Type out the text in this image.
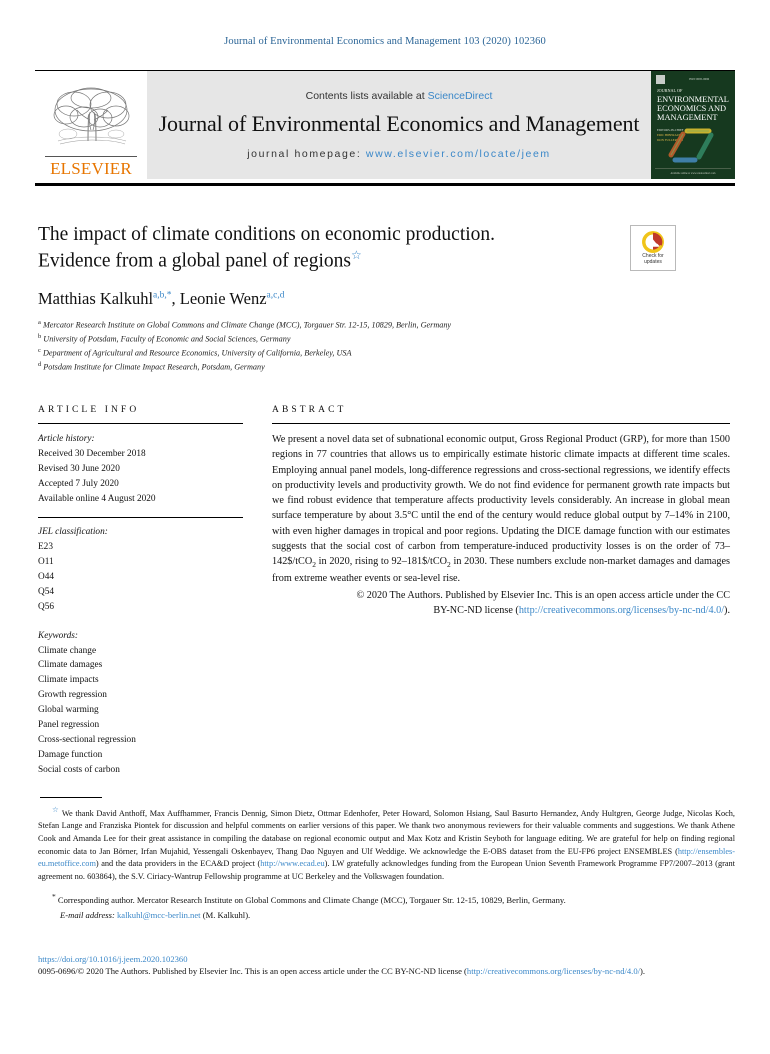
Journal of Environmental Economics and Management 103 (2020) 102360
ELSEVIER
Contents lists available at ScienceDirect
Journal of Environmental Economics and Management
journal homepage: www.elsevier.com/locate/jeem
ISSN 0095-0696
JOURNAL OF
ENVIRONMENTAL
ECONOMICS AND
MANAGEMENT
EDITORS-IN-CHIEF
ERIC BIBERAUER
DON FULLERTON
Available online at www.sciencedirect.com
The impact of climate conditions on economic production.
Evidence from a global panel of regions☆	Check for
updates
Matthias Kalkuhl$^{a,b,*}$, Leonie Wenz$^{a,c,d}$
$^a$ Mercator Research Institute on Global Commons and Climate Change (MCC), Torgauer Str. 12-15, 10829, Berlin, Germany
$^b$ University of Potsdam, Faculty of Economic and Social Sciences, Germany
$^c$ Department of Agricultural and Resource Economics, University of California, Berkeley, USA
$^d$ Potsdam Institute for Climate Impact Research, Potsdam, Germany
ARTICLE INFO
Article history:
Received 30 December 2018
Revised 30 June 2020
Accepted 7 July 2020
Available online 4 August 2020
JEL classification:
E23
O11
O44
Q54
Q56
Keywords:
Climate change
Climate damages
Climate impacts
Growth regression
Global warming
Panel regression
Cross-sectional regression
Damage function
Social costs of carbon
ABSTRACT

We present a novel data set of subnational economic output, Gross Regional Product (GRP), for more than 1500 regions in 77 countries that allows us to empirically estimate historic climate impacts at different time scales. Employing annual panel models, long-difference regressions and cross-sectional regressions, we identify effects on productivity levels and productivity growth. We do not find evidence for permanent growth rate impacts but we find robust evidence that temperature affects productivity levels considerably. An increase in global mean surface temperature by about 3.5°C until the end of the century would reduce global output by 7–14% in 2100, with even higher damages in tropical and poor regions. Updating the DICE damage function with our estimates suggests that the social cost of carbon from temperature-induced productivity losses is on the order of 73–142$/tCO$_2$ in 2020, rising to 92–181$/tCO$_2$ in 2030. These numbers exclude non-market damages and damages from extreme weather events or sea-level rise.

© 2020 The Authors. Published by Elsevier Inc. This is an open access article under the CC
BY-NC-ND license (http://creativecommons.org/licenses/by-nc-nd/4.0/).

☆ We thank David Anthoff, Max Auffhammer, Francis Dennig, Simon Dietz, Ottmar Edenhofer, Peter Howard, Solomon Hsiang, Saul Basurto Hernandez, Andy Hultgren, George Judge, Nicolas Koch, Stefan Lange and Franziska Piontek for discussion and helpful comments on earlier versions of this paper. We thank two anonymous reviewers for their valuable comments and suggestions. We thank Athene Cook and Amanda Lee for their great assistance in compiling the database on regional economic output and Max Kotz and Kristin Seyboth for language editing. We are grateful for help on finding regional economic data to Jan Börner, Irfan Mujahid, Yessengali Oskenbayev, Thang Dao Nguyen and Ulf Weddige. We acknowledge the E-OBS dataset from the EU-FP6 project ENSEMBLES (http://ensembles-eu.metoffice.com) and the data providers in the ECA&D project (http://www.ecad.eu). LW gratefully acknowledges funding from the European Union Seventh Framework Programme FP7/2007–2013 (grant agreement no. 603864), the S.V. Ciriacy-Wantrup Fellowship programme at UC Berkeley and the Volkswagen foundation.

* Corresponding author. Mercator Research Institute on Global Commons and Climate Change (MCC), Torgauer Str. 12-15, 10829, Berlin, Germany.

E-mail address: kalkuhl@mcc-berlin.net (M. Kalkuhl).

https://doi.org/10.1016/j.jeem.2020.102360
0095-0696/© 2020 The Authors. Published by Elsevier Inc. This is an open access article under the CC BY-NC-ND license (http://creativecommons.org/licenses/by-nc-nd/4.0/).
